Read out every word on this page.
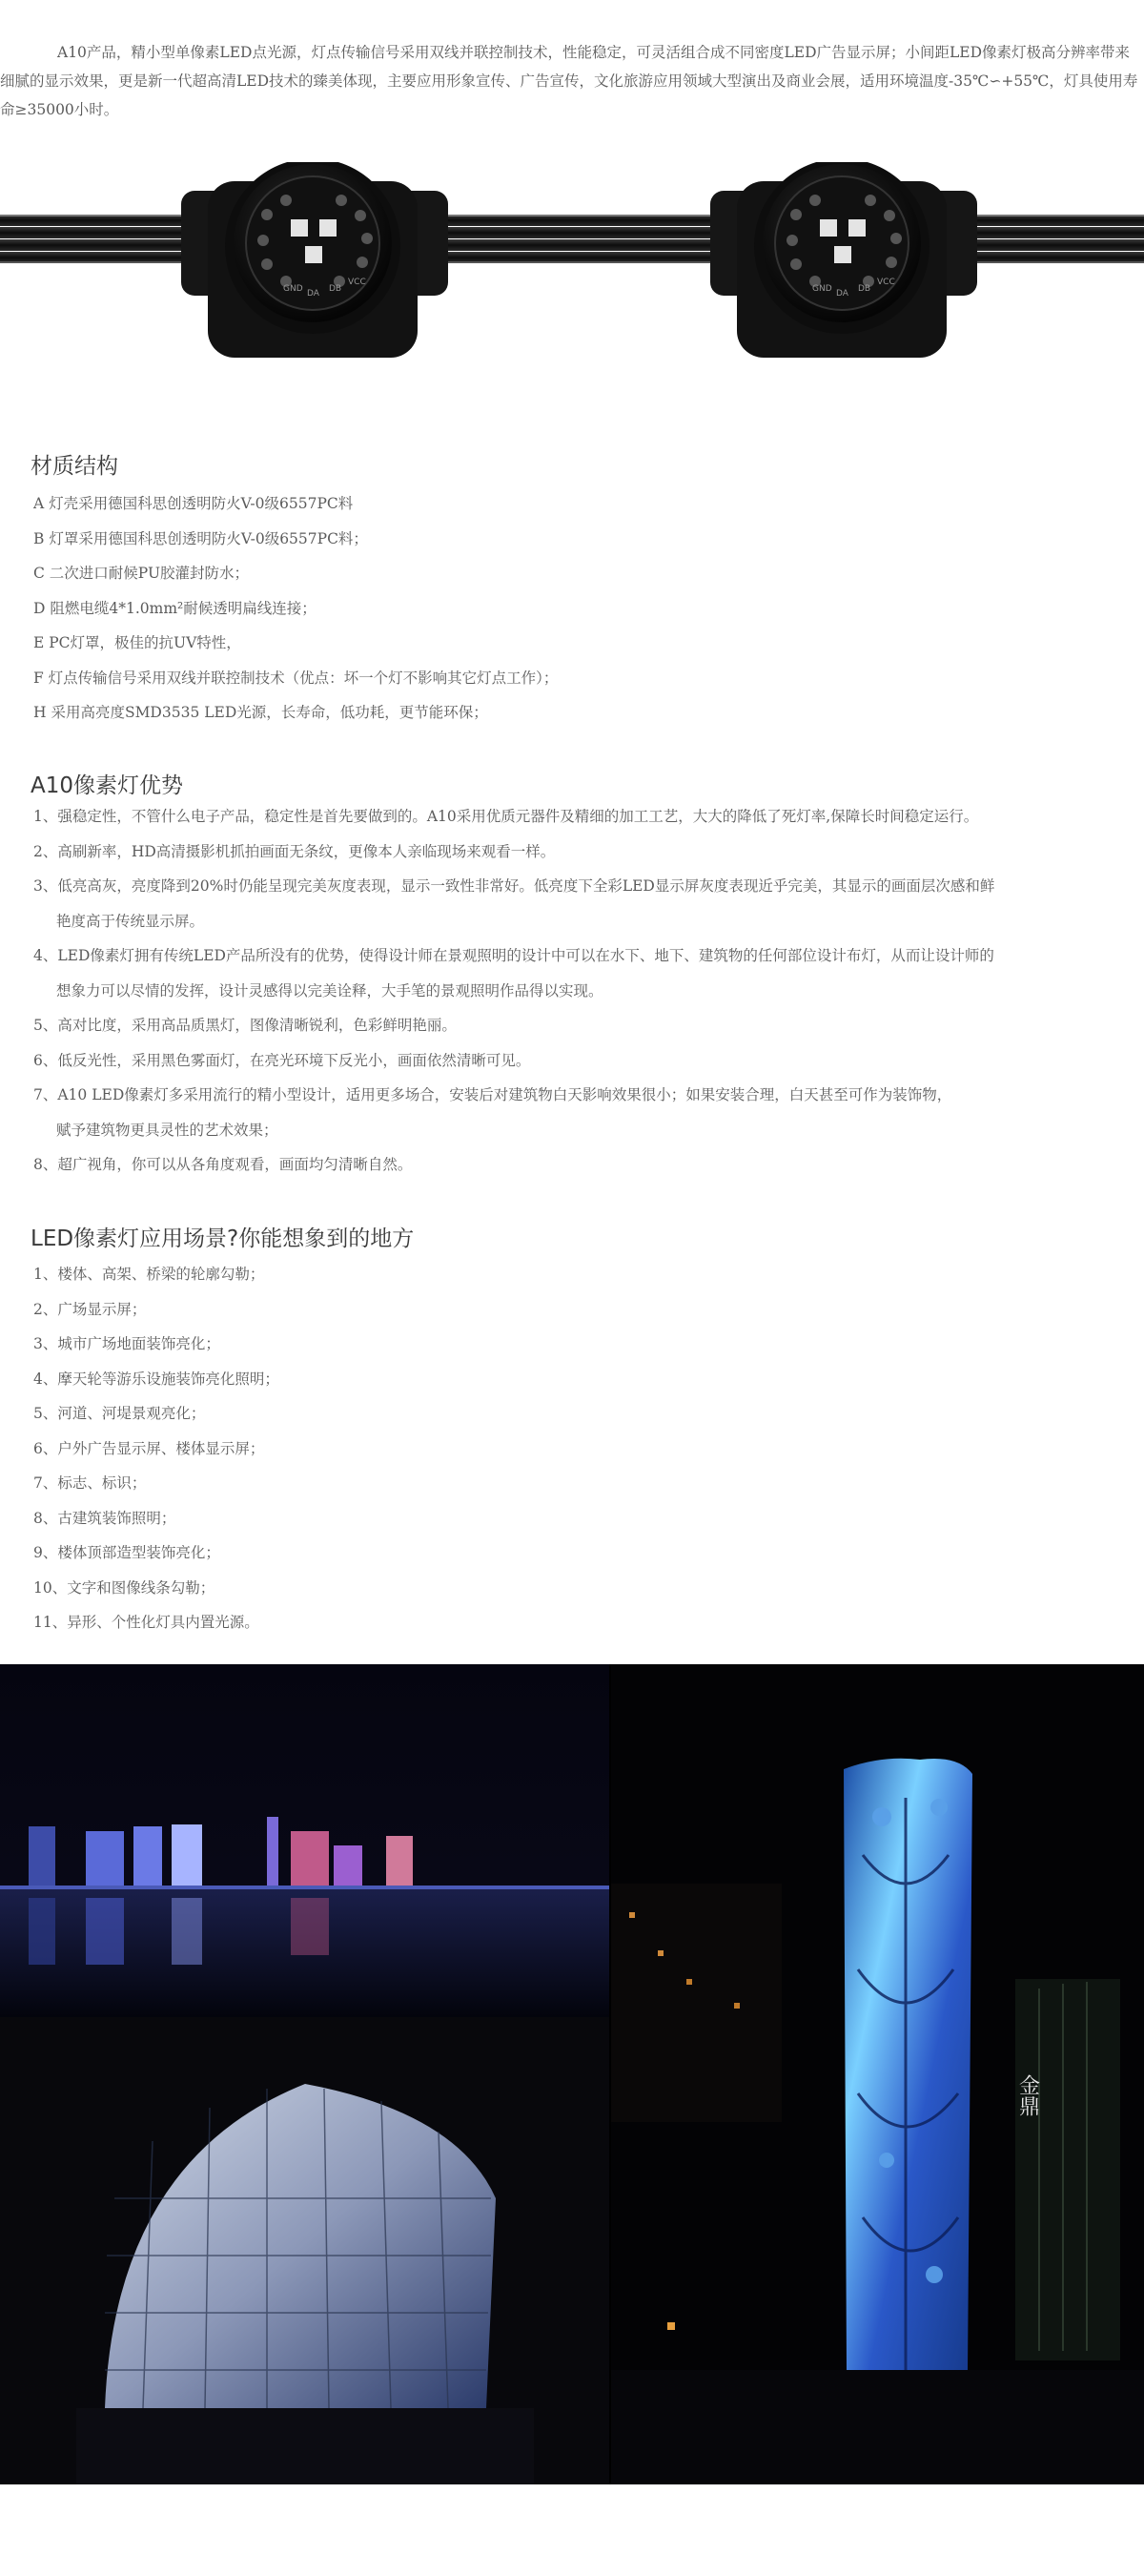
A10产品，精小型单像素LED点光源，灯点传输信号采用双线并联控制技术，性能稳定，可灵活组合成不同密度LED广告显示屏；小间距LED像素灯极高分辨率带来细腻的显示效果，更是新一代超高清LED技术的臻美体现，主要应用形象宣传、广告宣传，文化旅游应用领域大型演出及商业会展，适用环境温度-35℃∽+55℃，灯具使用寿命≥35000小时。
GND DA DB
VCC
GND DA DB
VCC
材质结构
A 灯壳采用德国科思创透明防火V-0级6557PC料
B 灯罩采用德国科思创透明防火V-0级6557PC料；
C 二次进口耐候PU胶灌封防水；
D 阻燃电缆4*1.0mm²耐候透明扁线连接；
E PC灯罩，极佳的抗UV特性，
F 灯点传输信号采用双线并联控制技术（优点：坏一个灯不影响其它灯点工作）；
H 采用高亮度SMD3535 LED光源，长寿命，低功耗，更节能环保；
A10像素灯优势
1、强稳定性，不管什么电子产品，稳定性是首先要做到的。A10采用优质元器件及精细的加工工艺，大大的降低了死灯率,保障长时间稳定运行。
2、高刷新率，HD高清摄影机抓拍画面无条纹，更像本人亲临现场来观看一样。
3、低亮高灰，亮度降到20%时仍能呈现完美灰度表现，显示一致性非常好。低亮度下全彩LED显示屏灰度表现近乎完美，其显示的画面层次感和鲜
艳度高于传统显示屏。
4、LED像素灯拥有传统LED产品所没有的优势，使得设计师在景观照明的设计中可以在水下、地下、建筑物的任何部位设计布灯，从而让设计师的
想象力可以尽情的发挥，设计灵感得以完美诠释，大手笔的景观照明作品得以实现。
5、高对比度，采用高品质黑灯，图像清晰锐利，色彩鲜明艳丽。
6、低反光性，采用黑色雾面灯，在亮光环境下反光小，画面依然清晰可见。
7、A10 LED像素灯多采用流行的精小型设计，适用更多场合，安装后对建筑物白天影响效果很小；如果安装合理，白天甚至可作为装饰物，
赋予建筑物更具灵性的艺术效果；
8、超广视角，你可以从各角度观看，画面均匀清晰自然。
LED像素灯应用场景?你能想象到的地方
1、楼体、高架、桥梁的轮廓勾勒；
2、广场显示屏；
3、城市广场地面装饰亮化；
4、摩天轮等游乐设施装饰亮化照明；
5、河道、河堤景观亮化；
6、户外广告显示屏、楼体显示屏；
7、标志、标识；
8、古建筑装饰照明；
9、楼体顶部造型装饰亮化；
10、文字和图像线条勾勒；
11、异形、个性化灯具内置光源。
金鼎
